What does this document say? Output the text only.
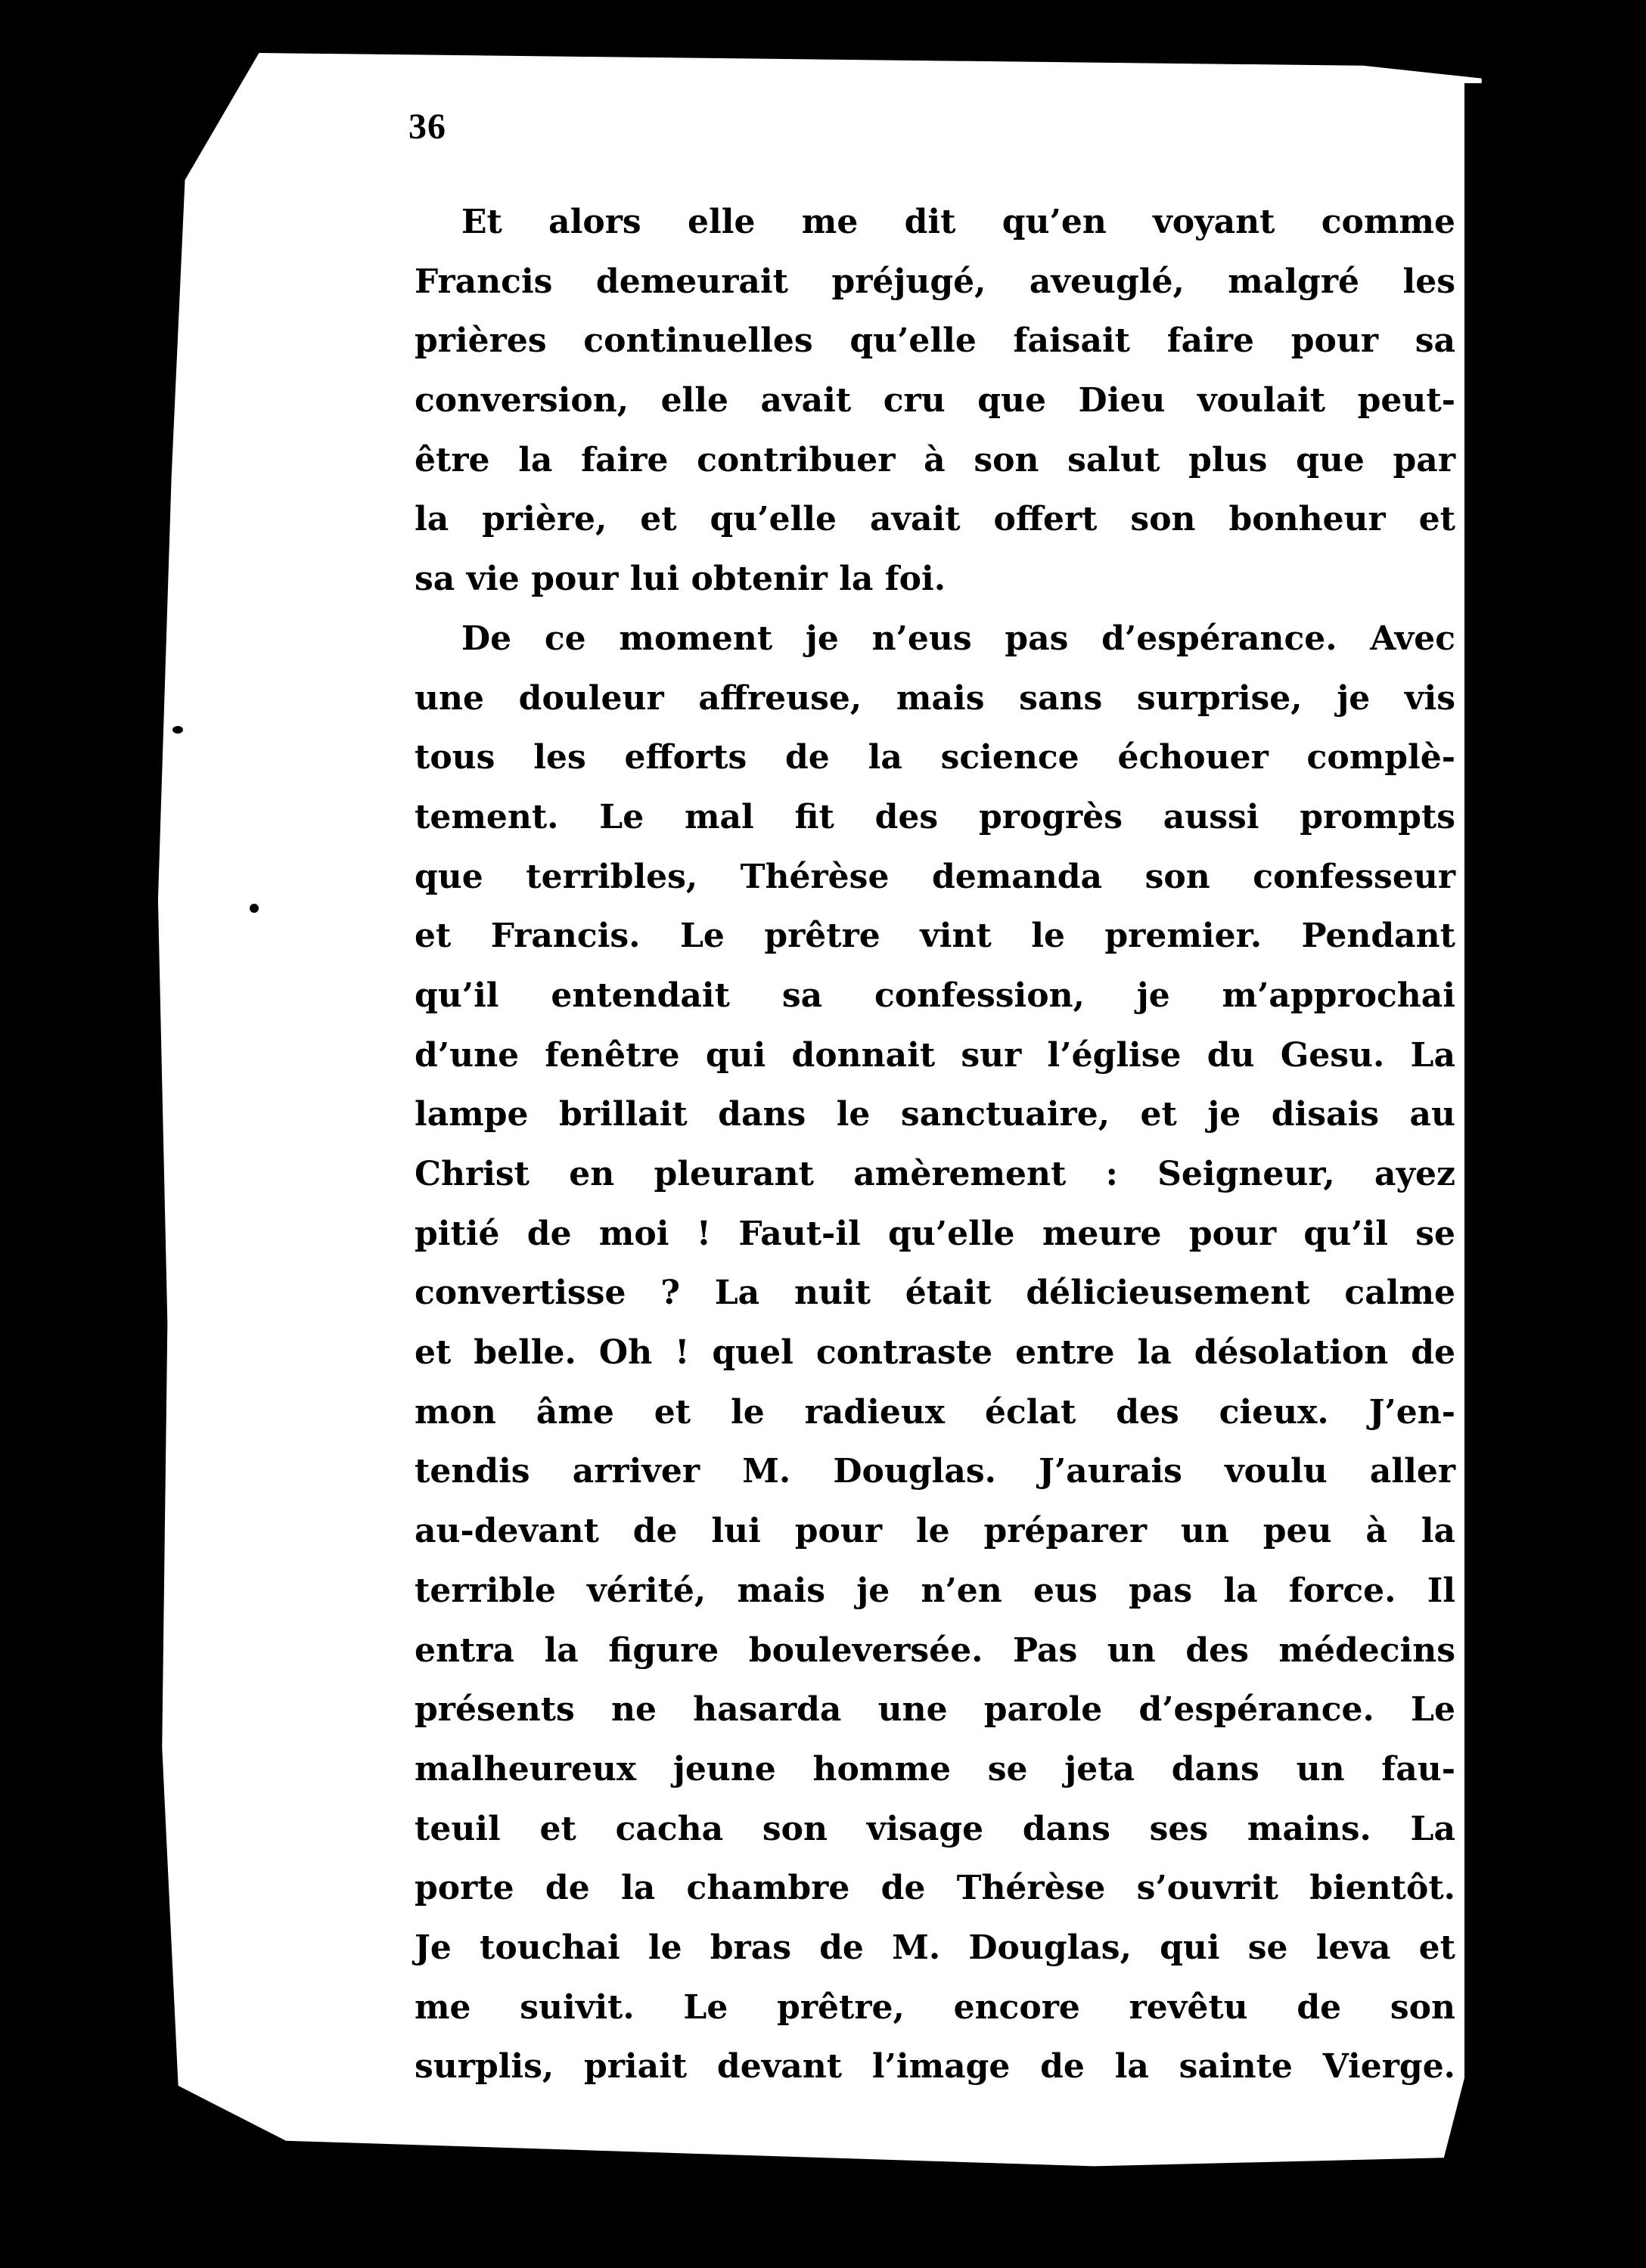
36
Et alors elle me dit qu’en voyant comme
Francis demeurait préjugé, aveuglé, malgré les
prières continuelles qu’elle faisait faire pour sa
conversion, elle avait cru que Dieu voulait peut-
être la faire contribuer à son salut plus que par
la prière, et qu’elle avait offert son bonheur et
sa vie pour lui obtenir la foi.
De ce moment je n’eus pas d’espérance. Avec
une douleur affreuse, mais sans surprise, je vis
tous les efforts de la science échouer complè-
tement. Le mal fit des progrès aussi prompts
que terribles, Thérèse demanda son confesseur
et Francis. Le prêtre vint le premier. Pendant
qu’il entendait sa confession, je m’approchai
d’une fenêtre qui donnait sur l’église du Gesu. La
lampe brillait dans le sanctuaire, et je disais au
Christ en pleurant amèrement : Seigneur, ayez
pitié de moi ! Faut-il qu’elle meure pour qu’il se
convertisse ? La nuit était délicieusement calme
et belle. Oh ! quel contraste entre la désolation de
mon âme et le radieux éclat des cieux. J’en-
tendis arriver M. Douglas. J’aurais voulu aller
au-devant de lui pour le préparer un peu à la
terrible vérité, mais je n’en eus pas la force. Il
entra la figure bouleversée. Pas un des médecins
présents ne hasarda une parole d’espérance. Le
malheureux jeune homme se jeta dans un fau-
teuil et cacha son visage dans ses mains. La
porte de la chambre de Thérèse s’ouvrit bientôt.
Je touchai le bras de M. Douglas, qui se leva et
me suivit. Le prêtre, encore revêtu de son
surplis, priait devant l’image de la sainte Vierge.
